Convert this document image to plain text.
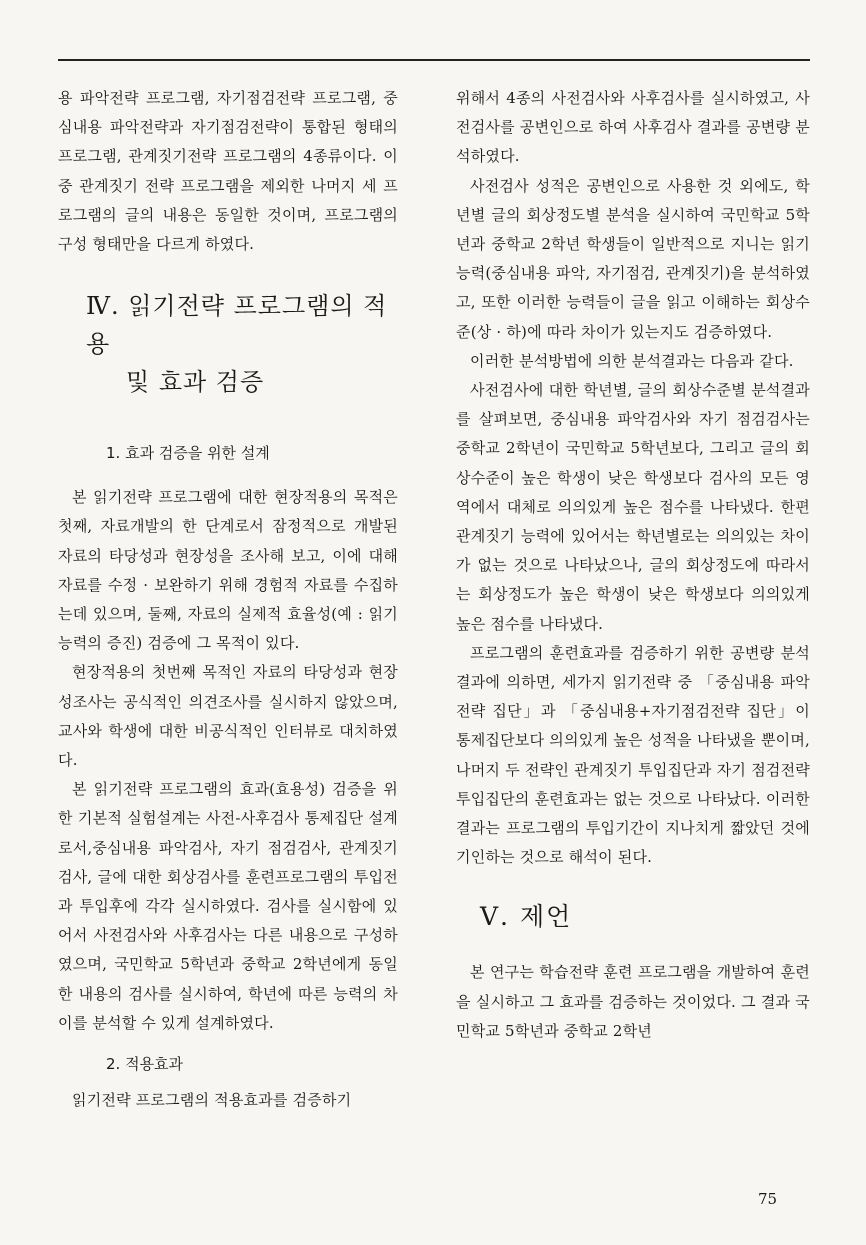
용 파악전략 프로그램, 자기점검전략 프로그램, 중심내용 파악전략과 자기점검전략이 통합된 형태의 프로그램, 관계짓기전략 프로그램의 4종류이다. 이중 관계짓기 전략 프로그램을 제외한 나머지 세 프로그램의 글의 내용은 동일한 것이며, 프로그램의 구성 형태만을 다르게 하였다.

Ⅳ. 읽기전략 프로그램의 적용
및 효과 검증
1. 효과 검증을 위한 설계

본 읽기전략 프로그램에 대한 현장적용의 목적은 첫째, 자료개발의 한 단계로서 잠정적으로 개발된 자료의 타당성과 현장성을 조사해 보고, 이에 대해 자료를 수정 · 보완하기 위해 경험적 자료를 수집하는데 있으며, 둘째, 자료의 실제적 효율성(예 : 읽기능력의 증진) 검증에 그 목적이 있다.

현장적용의 첫번째 목적인 자료의 타당성과 현장성조사는 공식적인 의견조사를 실시하지 않았으며, 교사와 학생에 대한 비공식적인 인터뷰로 대치하였다.

본 읽기전략 프로그램의 효과(효용성) 검증을 위한 기본적 실험설계는 사전-사후검사 통제집단 설계로서,중심내용 파악검사, 자기 점검검사, 관계짓기검사, 글에 대한 회상검사를 훈련프로그램의 투입전과 투입후에 각각 실시하였다. 검사를 실시함에 있어서 사전검사와 사후검사는 다른 내용으로 구성하였으며, 국민학교 5학년과 중학교 2학년에게 동일한 내용의 검사를 실시하여, 학년에 따른 능력의 차이를 분석할 수 있게 설계하였다.

2. 적용효과

읽기전략 프로그램의 적용효과를 검증하기

위해서 4종의 사전검사와 사후검사를 실시하였고, 사전검사를 공변인으로 하여 사후검사 결과를 공변량 분석하였다.

사전검사 성적은 공변인으로 사용한 것 외에도, 학년별 글의 회상정도별 분석을 실시하여 국민학교 5학년과 중학교 2학년 학생들이 일반적으로 지니는 읽기능력(중심내용 파악, 자기점검, 관계짓기)을 분석하였고, 또한 이러한 능력들이 글을 읽고 이해하는 회상수준(상 · 하)에 따라 차이가 있는지도 검증하였다.

이러한 분석방법에 의한 분석결과는 다음과 같다.

사전검사에 대한 학년별, 글의 회상수준별 분석결과를 살펴보면, 중심내용 파악검사와 자기 점검검사는 중학교 2학년이 국민학교 5학년보다, 그리고 글의 회상수준이 높은 학생이 낮은 학생보다 검사의 모든 영역에서 대체로 의의있게 높은 점수를 나타냈다. 한편 관계짓기 능력에 있어서는 학년별로는 의의있는 차이가 없는 것으로 나타났으나, 글의 회상정도에 따라서는 회상정도가 높은 학생이 낮은 학생보다 의의있게 높은 점수를 나타냈다.

프로그램의 훈련효과를 검증하기 위한 공변량 분석결과에 의하면, 세가지 읽기전략 중 「중심내용 파악전략 집단」과 「중심내용+자기점검전략 집단」이 통제집단보다 의의있게 높은 성적을 나타냈을 뿐이며, 나머지 두 전략인 관계짓기 투입집단과 자기 점검전략 투입집단의 훈련효과는 없는 것으로 나타났다. 이러한 결과는 프로그램의 투입기간이 지나치게 짧았던 것에 기인하는 것으로 해석이 된다.

Ⅴ. 제언

본 연구는 학습전략 훈련 프로그램을 개발하여 훈련을 실시하고 그 효과를 검증하는 것이었다. 그 결과 국민학교 5학년과 중학교 2학년

75
